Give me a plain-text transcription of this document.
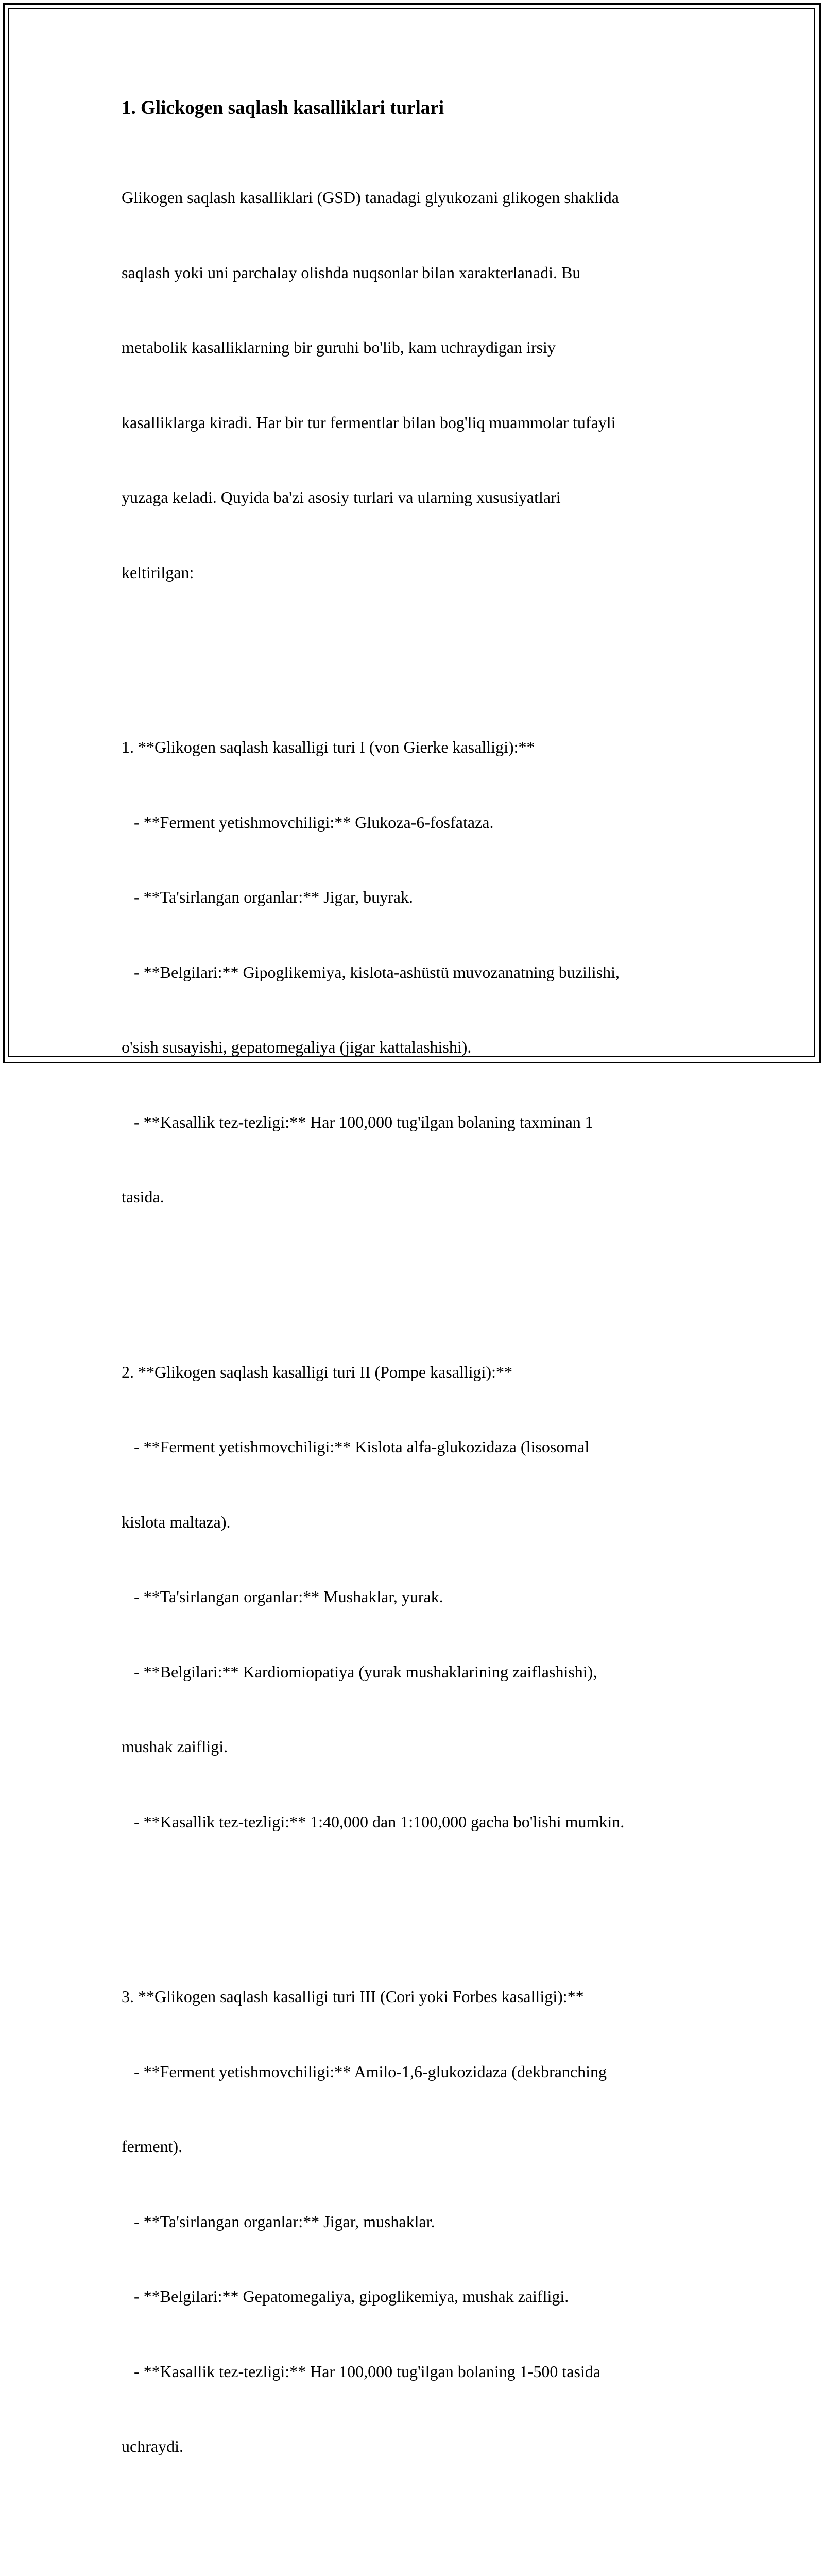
1. Glickogen saqlash kasalliklari turlari

Glikogen saqlash kasalliklari (GSD) tanadagi glyukozani glikogen shaklida

saqlash yoki uni parchalay olishda nuqsonlar bilan xarakterlanadi. Bu

metabolik kasalliklarning bir guruhi bo'lib, kam uchraydigan irsiy

kasalliklarga kiradi. Har bir tur fermentlar bilan bog'liq muammolar tufayli

yuzaga keladi. Quyida ba'zi asosiy turlari va ularning xususiyatlari

keltirilgan:

1. **Glikogen saqlash kasalligi turi I (von Gierke kasalligi):**

- **Ferment yetishmovchiligi:** Glukoza-6-fosfataza.

- **Ta'sirlangan organlar:** Jigar, buyrak.

- **Belgilari:** Gipoglikemiya, kislota-ashüstü muvozanatning buzilishi,

o'sish susayishi, gepatomegaliya (jigar kattalashishi).

- **Kasallik tez-tezligi:** Har 100,000 tug'ilgan bolaning taxminan 1

tasida.

2. **Glikogen saqlash kasalligi turi II (Pompe kasalligi):**

- **Ferment yetishmovchiligi:** Kislota alfa-glukozidaza (lisosomal

kislota maltaza).

- **Ta'sirlangan organlar:** Mushaklar, yurak.

- **Belgilari:** Kardiomiopatiya (yurak mushaklarining zaiflashishi),

mushak zaifligi.

- **Kasallik tez-tezligi:** 1:40,000 dan 1:100,000 gacha bo'lishi mumkin.

3. **Glikogen saqlash kasalligi turi III (Cori yoki Forbes kasalligi):**

- **Ferment yetishmovchiligi:** Amilo-1,6-glukozidaza (dekbranching

ferment).

- **Ta'sirlangan organlar:** Jigar, mushaklar.

- **Belgilari:** Gepatomegaliya, gipoglikemiya, mushak zaifligi.

- **Kasallik tez-tezligi:** Har 100,000 tug'ilgan bolaning 1-500 tasida

uchraydi.
